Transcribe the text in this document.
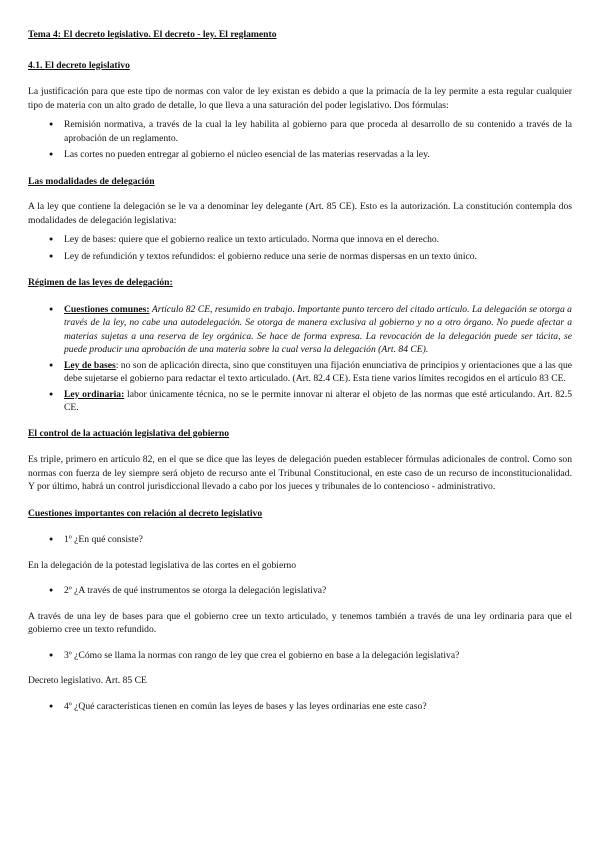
Tema 4: El decreto legislativo. El decreto - ley. El reglamento

4.1. El decreto legislativo

La justificación para que este tipo de normas con valor de ley existan es debido a que la primacía de la ley permite a esta regular cualquier tipo de materia con un alto grado de detalle, lo que lleva a una saturación del poder legislativo. Dos fórmulas:

● Remisión normativa, a través de la cual la ley habilita al gobierno para que proceda al desarrollo de su contenido a través de la aprobación de un reglamento.
● Las cortes no pueden entregar al gobierno el núcleo esencial de las materias reservadas a la ley.

Las modalidades de delegación

A la ley que contiene la delegación se le va a denominar ley delegante (Art. 85 CE). Esto es la autorización. La constitución contempla dos modalidades de delegación legislativa:

● Ley de bases: quiere que el gobierno realice un texto articulado. Norma que innova en el derecho.
● Ley de refundición y textos refundidos: el gobierno reduce una serie de normas dispersas en un texto único.

Régimen de las leyes de delegación:

● Cuestiones comunes: Artículo 82 CE, resumido en trabajo. Importante punto tercero del citado artículo. La delegación se otorga a través de la ley, no cabe una autodelegación. Se otorga de manera exclusiva al gobierno y no a otro órgano. No puede afectar a materias sujetas a una reserva de ley orgánica. Se hace de forma expresa. La revocación de la delegación puede ser tácita, se puede producir una aprobación de una materia sobre la cual versa la delegación (Art. 84 CE).
● Ley de bases: no son de aplicación directa, sino que constituyen una fijación enunciativa de principios y orientaciones que a las que debe sujetarse el gobierno para redactar el texto articulado. (Art. 82.4 CE). Esta tiene varios límites recogidos en el artículo 83 CE.
● Ley ordinaria: labor únicamente técnica, no se le permite innovar ni alterar el objeto de las normas que esté articulando. Art. 82.5 CE.

El control de la actuación legislativa del gobierno

Es triple, primero en artículo 82, en el que se dice que las leyes de delegación pueden establecer fórmulas adicionales de control. Como son normas con fuerza de ley siempre será objeto de recurso ante el Tribunal Constitucional, en este caso de un recurso de inconstitucionalidad. Y por último, habrá un control jurisdiccional llevado a cabo por los jueces y tribunales de lo contencioso - administrativo.

Cuestiones importantes con relación al decreto legislativo

● 1º ¿En qué consiste?

En la delegación de la potestad legislativa de las cortes en el gobierno

● 2º ¿A través de qué instrumentos se otorga la delegación legislativa?

A través de una ley de bases para que el gobierno cree un texto articulado, y tenemos también a través de una ley ordinaria para que el gobierno cree un texto refundido.

● 3º ¿Cómo se llama la normas con rango de ley que crea el gobierno en base a la delegación legislativa?

Decreto legislativo. Art. 85 CE

● 4º ¿Qué características tienen en común las leyes de bases y las leyes ordinarias ene este caso?
